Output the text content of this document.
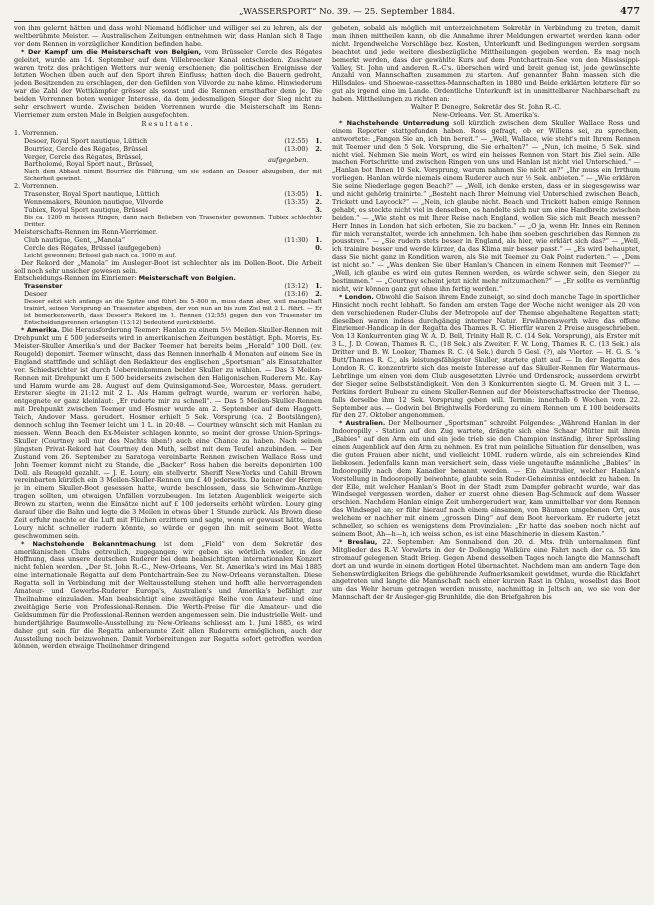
„WASSERSPORT“ No. 39. — 25. September 1884.	477

von ihm gelernt hätten und dass wohl Niemand höflicher und williger sei zu lehren, als der weltberühmte Meister. — Australischen Zeitungen entnehmen wir, dass Hanlan sich 8 Tage vor dem Rennen in vorzüglicher Kondition befinden habe.

* Der Kampf um die Meisterschaft von Belgien, vom Brüsseler Cercle des Régates geleitet, wurde am 14. September auf dem Villebroecker Kanal entschieden. Zuschauer waren trotz des prächtigen Wetters nur wenig erschienen; die politischen Ereignisse der letzten Wochen üben auch auf den Sport ihren Einfluss; hatten doch die Bauern gedroht, jeden Besitzenden zu erschlagen, der den Gefilden von Vilvorde zu nahe käme. Hinwiederum war die Zahl der Wettkämpfer grösser als sonst und die Rennen ernsthafter denn je. Die beiden Vorrennen boten weniger Interesse, da dem jedesmaligen Sieger der Sieg nicht zu sehr erschwert wurde. Zwischen beiden Vorrennen wurde die Meisterschaft im Renn-Vierriemer zum ersten Male in Belgien ausgefochten.

Resultate.
1. Vorrennen.
Desoer, Royal Sport nautique, Lüttich	(12:55)	1.
Bourriez, Cercle des Régates, Brüssel	(13:00)	2.
Verger, Cercle des Régates, Brüssel,
Bartholomé, Royal Sport naut., Brüssel,
aufgegeben.
Nach dem Abbaut nimmt Bourriez die Führung, um sie sodann an Desoer abzugeben, der mit Sicherheit gewinnt.
2. Vorrennen.
Trasenster, Royal Sport nautique, Lüttich	(13:05)	1.
Wennemakers, Réunion nautique, Vilvorde	(13:35)	2.
Tubiex, Royal Sport nautique, Brüssel	3.
Bis ca. 1200 m heisses Ringen, dann nach Belieben von Trasenster gewonnen. Tubiex schlechter Dritter.
Meisterschafts-Rennen im Renn-Vierriemer.
Club nautique, Gent, „Manola“	(11:30)	1.
Cercle des Régates, Brüssel (aufgegeben)	0.
Leicht gewonnen; Brüssel gab nach ca. 1000 m auf.

Der Rekord der „Manola“ im Ausleger-Boot ist schlechter als im Dollen-Boot. Die Arbeit soll noch sehr unsicher gewesen sein.

Entscheidungs-Rennen im Einriemer: Meisterschaft von Belgien.
Trasenster	(13:12)	1.
Desoer	(13:16)	2.
Desoer setzt sich anfangs an die Spitze und führt bis 5–800 m, muss dann aber, weil mangelhaft trainirt, seinen Vorsprung an Trasenster abgeben, der von nun an bis zum Ziel mit 2 L. führt. — Er ist bemerkenswerth, dass Desoer's Rekord im 1. Rennen (12:55) gegen den von Trasenster im Entscheidungsrennen erlangten (13:12) bedeutend zurückbleibt.

* Amerika. Die Herausforderung Teemer: Hanlan zu einem 5½ Meilen-Skuller-Rennen mit Drehpunkt um £ 500 jederseits wird in amerikanischen Zeitungen bestätigt. Eph. Morris, Ex-Meister-Skuller Amerika's und der Backer Teemer hat bereits beim „Herald“ 100 Doll. (ev. Reugeld) deponirt. Teemer wünscht, dass das Rennen innerhalb 4 Monaten auf einem See in England stattfinde und schlägt den Redakteur des englischen „Sportsman“ als Einsatzhalter vor. Schiedsrichter ist durch Uebereinkommen beider Skuller zu wählen. — Das 3 Meilen-Rennen mit Drehpunkt um £ 500 beiderseits zwischen den Haligonischen Ruderern Mc. Kay und Hamm wurde am 28. August auf dem Quinsigamond-See, Worcester, Mass. gerudert. Ersterer siegte in 21:12 mit 2 L. Als Hamm gefragt wurde, warum er verloren habe, entgegnete er ganz kleinlaut: „Er ruderte mir zu schnell“. — Das 5 Meilen-Skuller-Rennen mit Drehpunkt zwischen Teemer und Hosmer wurde am 2. September auf dem Haggett-Teich, Andover Mass. gerudert. Hosmer erhielt 5 Sek. Vorsprung (ca. 2 Bootslängen), dennoch schlug ihn Teemer leicht um 1 L. in 20:48. — Courtney wünscht sich mit Hanlan zu messen. Wenn Beach den Ex-Meister schlagen konnte, so meint der grosse Union-Springs-Skuller (Courtney soll nur des Nachts üben!) auch eine Chance zu haben. Nach seinen jüngsten Privat-Rekord hat Courtney den Muth, selbst mit dem Teufel anzubinden. — Der Zustand vom 26. September zu Saratoga vereinbarte Rennen zwischen Wallace Ross und John Teemer kommt nicht zu Stande, die „Backer“ Ross haben die bereits deponirten 100 Doll. als Reugeld gezahlt. — J. E. Loury, ein stellvertr. Sheriff New-Yorks und Cahill Brown vereinbarten kürzlich ein 3 Meilen-Skuller-Rennen um £ 40 jederseits. Da keiner der Herren je in einem Skuller-Boot gesessen hatte, wurde beschlossen, dass sie Schwimm-Anzüge tragen sollten, um etwaigen Unfällen vorzubeugen. Im letzten Augenblick weigerte sich Brown zu starten, wenn die Einsätze nicht auf £ 100 jederseits erhöht würden. Loury ging darauf über die Bahn und legte die 3 Meilen in etwas über 1 Stunde zurück. Als Brown diese Zeit erfuhr machte er die Luft mit Flüchen erzittern und sagte, wenn er gewusst hätte, dass Loury nicht schneller rudern könnte, so würde er gegen ihn mit seinem Boot Wette geschwommen sein.

* Nachstehende Bekanntmachung ist dem „Field“ von dem Sekretär des amerikanischen Clubs getreulich, zugegangen; wir geben sie wörtlich wieder, in der Hoffnung, dass unsere deutschen Ruderer bei dem beabsichtigten internationalen Konzert nicht fehlen werden. „Der St. John R.-C., New-Orleans, Ver. St. Amerika's wird im Mai 1885 eine internationale Regatta auf dem Pontchartrain-See zu New-Orleans veranstalten. Diese Regatta soll in Verbindung mit der Weltausstellung stehen und hofft alle hervorragenden Amateur- und Gewerbs-Ruderer Europa's, Australien's und Amerika's befähigt zur Theilnahme einzuladen. Man beabsichtigt eine zweitägige Reihe von Amateur- und eine zweitägige Serie von Professional-Rennen. Die Werth-Preise für die Amateur- und die Geldsummen für die Professional-Rennen werden angemessen sein. Die industrielle Welt- und hundertjährige Baumwolle-Ausstellung zu New-Orleans schliesst am 1. Juni 1885, es wird daher gut sein für die Regatta anberaumte Zeit allen Ruderern ermöglichen, auch der Ausstellung noch beizuwohnen. Damit Vorbereitungen zur Regatta sofort getroffen werden können, werden etwaige Theilnehmer dringend

gebeten, sobald als möglich mit unterzeichnetem Sekretär in Verbindung zu treten, damit man ihnen mittheilen kann, ob die Annahme ihrer Meldungen erwartet werden kann oder nicht. Irgendwelche Vorschläge bez. Kosten, Unterkunft und Bedingungen werden sorgsam beachtet und jede weitere diesbezügliche Mittheilungen gegeben werden. Es mag noch bemerkt werden, dass der gewählte Kurs auf dem Pontchartrain-See von den Mississippi-Valley, St. John und anderen R.-C's. überschen wird und breit genug ist, jede gewünschte Anzahl von Mannschaften zusammen zu starten. Auf genannter Bahn massen sich die Hillsdales- und Shoewae-cassettes-Mannschaften in 1880 und Beide erklärten letztere für so gut als irgend eine im Lande. Ordentliche Unterkunft ist in unmittelbarer Nachbarschaft zu haben. Mittheilungen zu richten an:

Walter P. Denegre, Sekretär des St. John R.-C.
New-Orleans. Ver. St. Amerika's.

* Nachstehende Unterredung soll kürzlich zwischen dem Skuller Wallace Ross und einem Reporter stattgefunden haben. Ross gefragt, ob er Willens sei, zu sprechen, antwortete: „Fangen Sie an, ich bin bereit.“ — „Well, Wallace, wie steht's mit Ihrem Rennen mit Teemer und den 5 Sek. Vorsprung, die Sie erhalten?“ — „Nun, ich meine, 5 Sek. sind nicht viel. Nehmen Sie mein Wort, es wird ein heisses Rennen von Start bis Ziel sein. Alle machen Fortschritte und zwischen Ringen von uns und Hanlan ist nicht viel Unterschied.“ — „Hanlan bot Ihnen 10 Sek. Vorsprung, warum nahmen Sie nicht an?“ „Ihr muss ein Irrthum vorliegen. Hanlan würde niemals einem Ruderer auch nur ½ Sek. anbieten.“ — „Wie erklären Sie seine Niederlage gegen Beach?“ — „Well, ich denke ersten, dass er in siegesgewiss war und nicht gehörig trainirte.“ „Besteht nach Ihrer Meinung viel Unterschied zwischen Beach, Trickett und Laycock?“ — „Nein, ich glaube nicht. Beach und Trickett haben einige Rennen gehabt, es steckte nicht viel in denselben, es handelte sich nur um eine Handbreite zwischen beiden.“ — „Wie steht es mit Ihrer Reise nach England, wollen Sie sich mit Beach messen? Herr Innes in London hat sich erboten, Sie zu backen.“ — „O ja, wenn Hr. Innes ein Rennen für mich veranstaltet, werde ich annehmen. Ich habe ihm soeben geschrieben das Rennen zu pousstren.“ — „Sie rudern stets besser in England, als hier, wie erklärt sich das?“ — „Well, ich trainire besser und werde kürzer, da das Klima mir besser passt.“ — „Es wird behauptet, dass Sie nicht ganz in Kondition waren, als Sie mit Teemer zu Oak Point ruderten.“ — „Dem ist nicht so.“ — „Was denken Sie über Hanlan's Chancen in einem Rennen mit Teemer?“ — „Well, ich glaube es wird ein gutes Rennen werden, es würde schwer sein, den Sieger zu bestimmen.“ — „Courtney scheint jetzt nicht mehr mitzumachen?“ — „Er sollte es vernünftig nicht, wir können ganz gut ohne ihn fertig werden.“

* London. Obwohl die Saison ihrem Ende zuneigt, so sind doch manche Tage in sportlicher Hinsicht noch recht lebhaft. So fanden am ersten Tage der Woche nicht weniger als 20 von den verschiedenen Ruder-Clubs der Metropole auf der Themse abgehaltene Regatten statt; dieselben waren indess durchgängig interner Natur. Erwähnenswerth wäre das offene Einriemer-Handicap in der Regatta des Thames R. C. Hierfür waren 2 Preise ausgeschrieben. Von 13 Konkurrenten ging W. A. D. Bell, Trinity Hall R. C. (14 Sek. Vorsprung), als Erster mit 3 L., J. D. Cowan, Thames R. C., (18 Sek.) als Zweiter. F. W. Long, Thames R. C. (13 Sek.) als Dritter und B. W. Looker, Thames R. C. (4 Sek.) durch 5 Gesl. (?), als Vierter. — H. G. S. 's Butt/Thames R. C., als leistungsfähigster Skuller, startete glatt auf. — In der Regatta des London R. C. konzentrirte sich das meiste Interesse auf das Skuller-Rennen für Watermaus-Lehrlinge um einen von dem Club ausgesetzten Livrée und Ordensrock; ausserdem erwirbt der Sieger seine Selbstständigkeit. Von den 3 Konkurrenten siegte G. M. Green mit 3 L. — Perkins fordert Bubear zu einem Skuller-Rennen auf der Meisterschaftsstrecke der Themse, falls derselbe ihm 12 Sek. Vorsprung geben will. Termin: innerhalb 6 Wochen vom 22. September aus. — Godwin bei Brightwells Forderung zu einem Rennen um £ 100 beiderseits für den 27. Oktober angenommen.

* Australien. Der Melbourner „Sportsman“ schreibt Folgendes: „Während Hanlan in der Indooropilly - Station auf den Zug wartete, drängte sich eine Schaar Mütter mit ihren „Babies“ auf den Arm ein und ein jede trieb sie den Champion inständig, ihrer Sprössling einen Augenblick auf den Arm zu nehmen. Es trat nun peinliche Situation für denselben, was die guten Frauen aber nicht, und vielleicht 10MI. rudern würde, als ein schreiendes Kind liebkosen. Jedenfalls kann man versichert sein, dass viele ungetaufte männliche „Babies“ in Indooropilly nach dem Kanadier benannt werden. — Ein Australier, welcher Hanlan's Vorstellung in Indooropolly beiwohnte, glaubte sein Ruder-Geheimniss entdeckt zu haben. In der Eile, mit welcher Hanlan's Boot in der Stadt zum Dampfer gebracht wurde, war das Windsegel vergessen worden, daher er zuerst ohne diesen Bag-Schmuck auf dem Wasser erschien. Nachdem Hanlan einige Zeit umhergerudert war, kam unmittelbar vor dem Rennen das Windsegel an; er führ hierauf nach einem einsamen, von Bäumen umgebenen Ort, aus welchem er nachher mit einem „grossen Ding“ auf dem Boot hervorkam. Er ruderte jetzt schneller, so schien es wenigstens dem Provinzialen: „Er hatte das soeben noch nicht auf seinem Boot, Ah—h—h, ich weiss schon, es ist eine Maschinerie in diesem Kasten.“

* Breslau, 22. September. Am Sonnabend den 20. d. Mts. früh unternahmen fünf Mitglieder des R.-V. Vorwärts in der 4r Dollengig Walküre eine Fahrt nach der ca. 55 km stromauf gelegenen Stadt Brieg. Gegen Abend desselben Tages noch langte die Mannschaft dort an und wurde in einem dortigen Hotel übernachtet. Nachdem man am andern Tage den Sehenswürdigkeiten Briegs die gebührende Aufmerksamkeit gewidmet, wurde die Rückfahrt angetreten und langte die Mannschaft nach einer kurzen Rast in Ohlau, woselbst das Boot um das Wehr herum getragen werden musste, nachmittag in Jeltsch an, wo sie von der Mannschaft der 4r Ausleger-gig Brunhilde, die den Briefgahren bis
